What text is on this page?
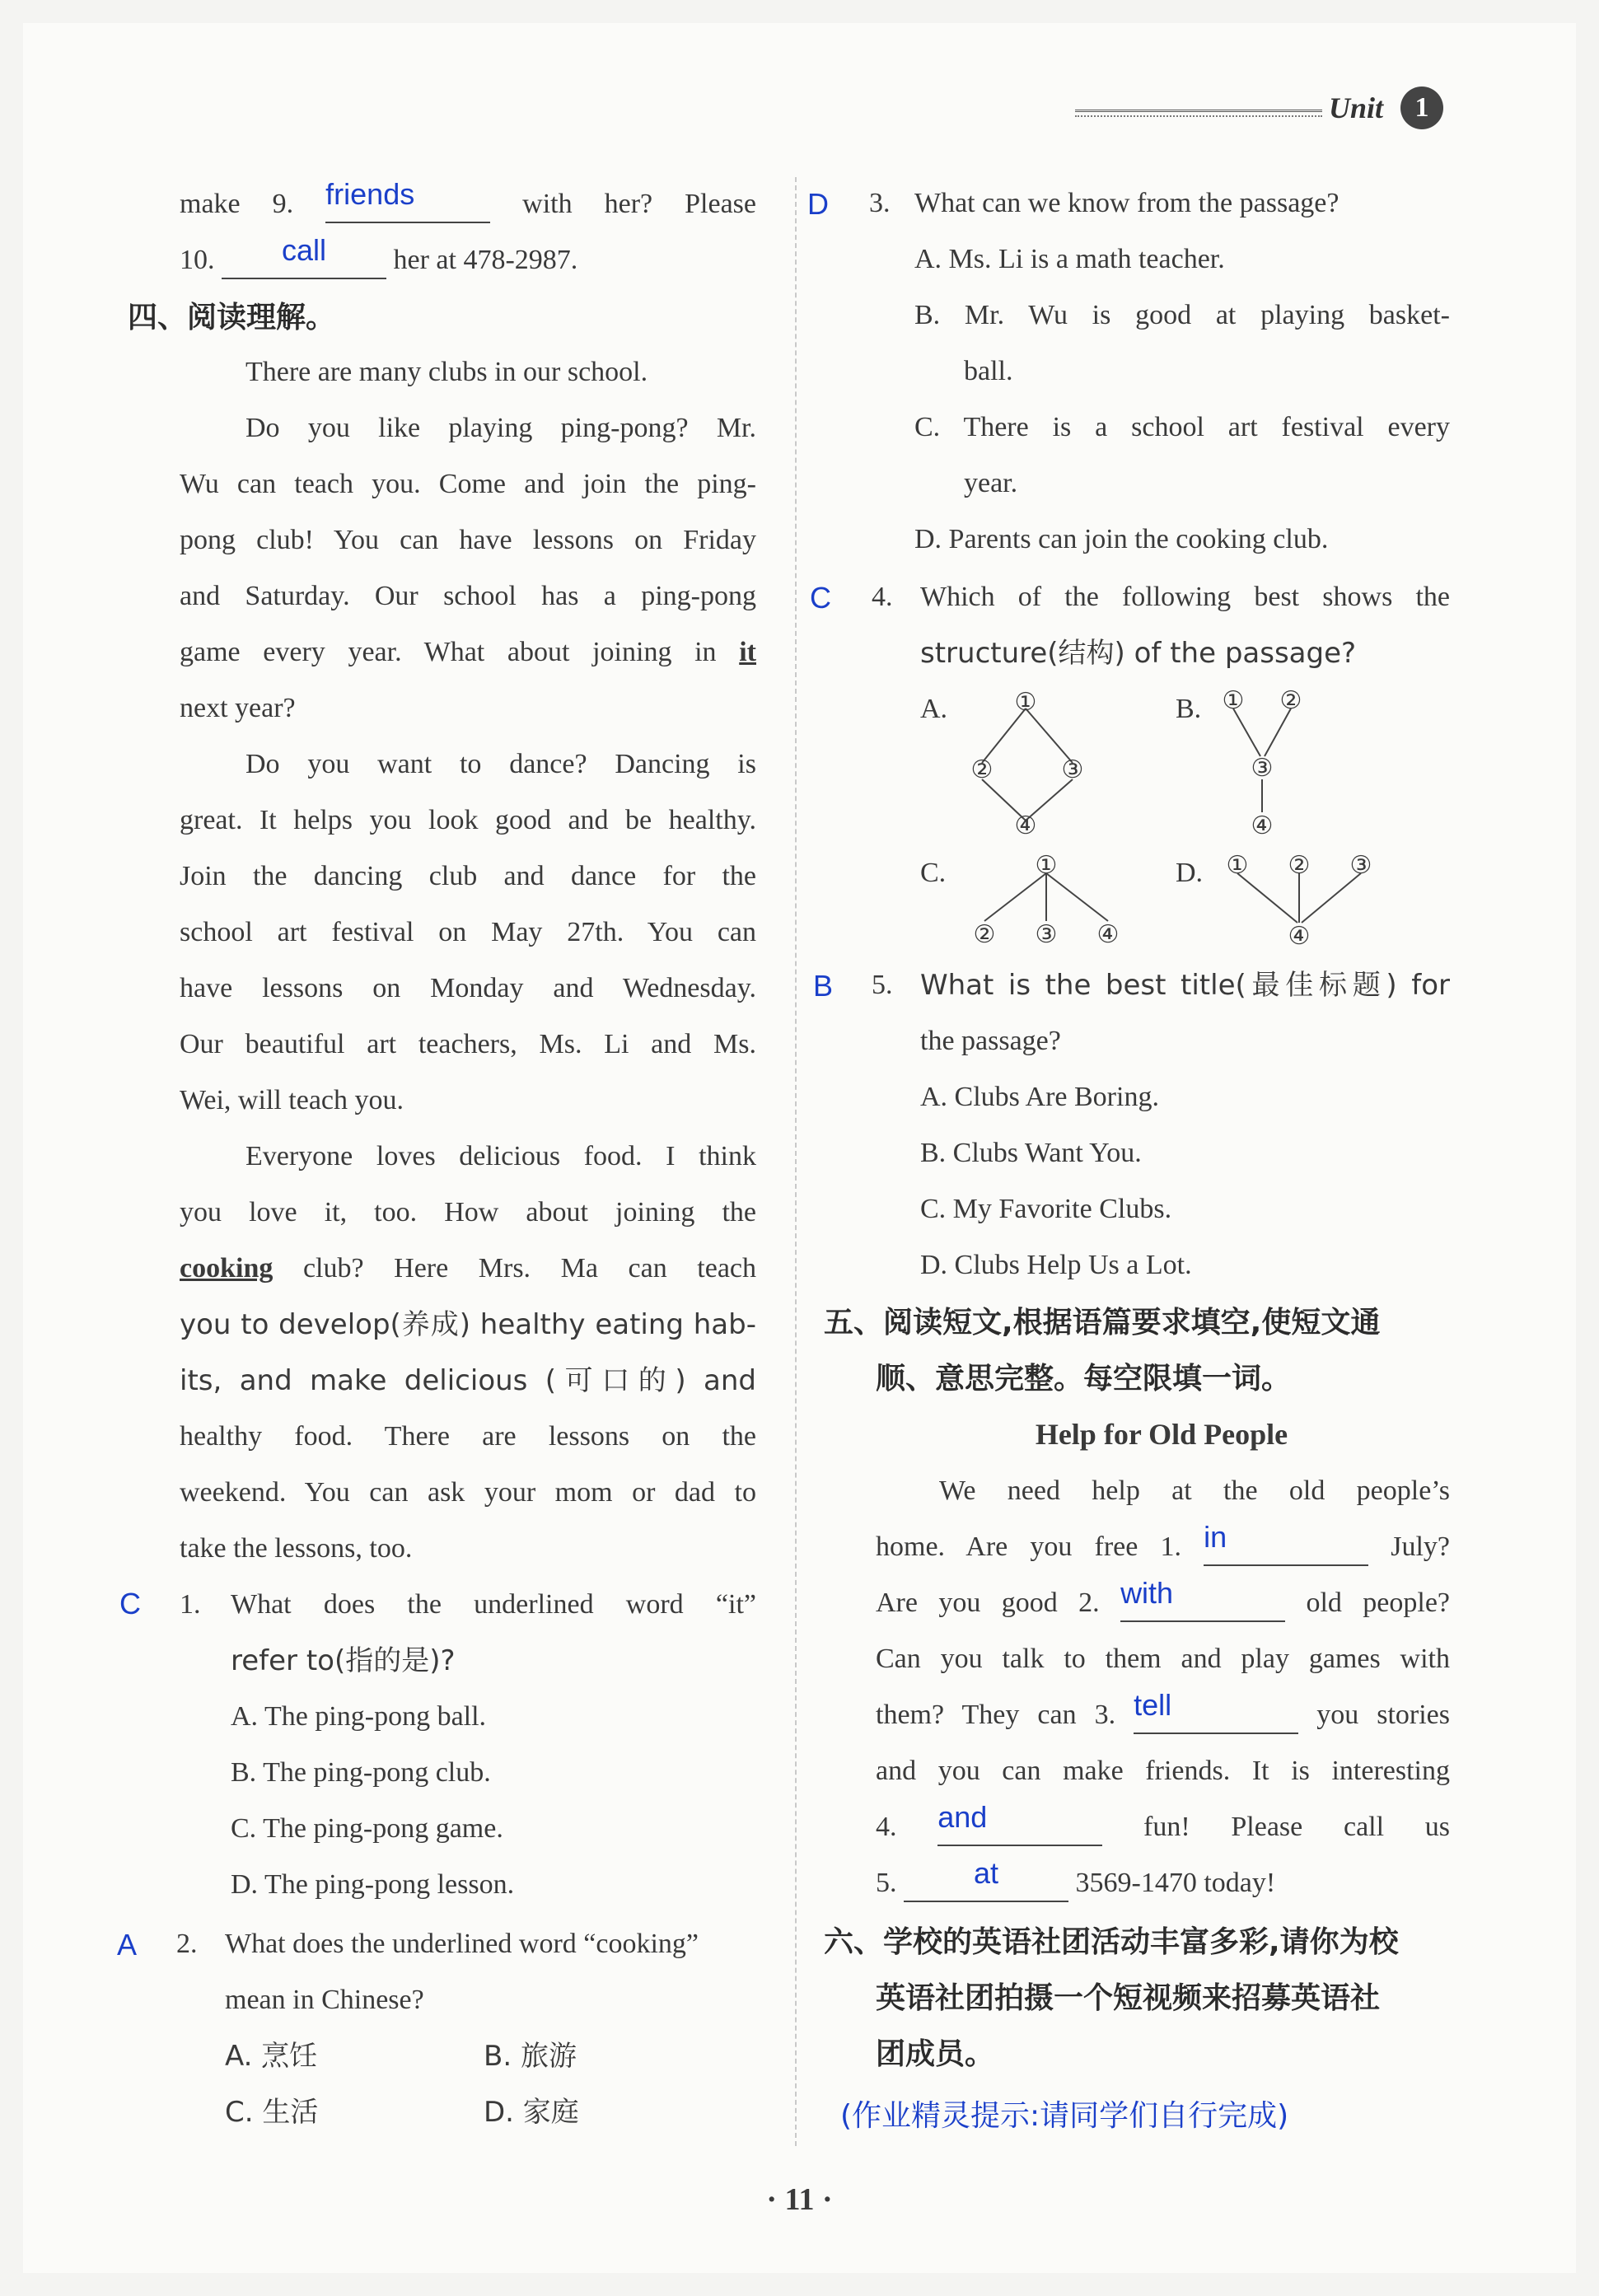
Unit	1
make 9. friends	with her? Please
10.	call	her at 478-2987.
四、阅读理解。
There are many clubs in our school.
Do you like playing ping-pong? Mr.
Wu can teach you. Come and join the ping-
pong club! You can have lessons on Friday
and Saturday. Our school has a ping-pong
game every year. What about joining in it
next year?
Do you want to dance? Dancing is
great. It helps you look good and be healthy.
Join the dancing club and dance for the
school art festival on May 27th. You can
have lessons on Monday and Wednesday.
Our beautiful art teachers, Ms. Li and Ms.
Wei, will teach you.
Everyone loves delicious food. I think
you love it, too. How about joining the
cooking club? Here Mrs. Ma can teach
you to develop(养成) healthy eating hab-
its, and make delicious (可口的) and
healthy food. There are lessons on the
weekend. You can ask your mom or dad to
take the lessons, too.
C 1. What does the underlined word “it”
refer to(指的是)?
A. The ping-pong ball.
B. The ping-pong club.
C. The ping-pong game.
D. The ping-pong lesson.
A 2. What does the underlined word “cooking”
mean in Chinese?
A. 烹饪	B. 旅游
C. 生活	D. 家庭
D 3. What can we know from the passage?
A. Ms. Li is a math teacher.
B. Mr. Wu is good at playing basket-
ball.
C. There is a school art festival every
year.
D. Parents can join the cooking club.
C 4. Which of the following best shows the
structure(结构) of the passage?
A.	B.
C.	D.
①
②	③
④
① ②
③
④
①
② ③ ④
① ② ③
④
B 5. What is the best title(最佳标题) for
the passage?
A. Clubs Are Boring.
B. Clubs Want You.
C. My Favorite Clubs.
D. Clubs Help Us a Lot.
五、阅读短文,根据语篇要求填空,使短文通
顺、意思完整。每空限填一词。
Help for Old People
We need help at the old people’s
home. Are you free 1. in	July?
Are you good 2. with	old people?
Can you talk to them and play games with
them? They can 3. tell	you stories
and you can make friends. It is interesting
4. and	fun! Please call us
5.	at	3569-1470 today!
六、学校的英语社团活动丰富多彩,请你为校
英语社团拍摄一个短视频来招募英语社
团成员。
(作业精灵提示:请同学们自行完成)
· 11 ·
